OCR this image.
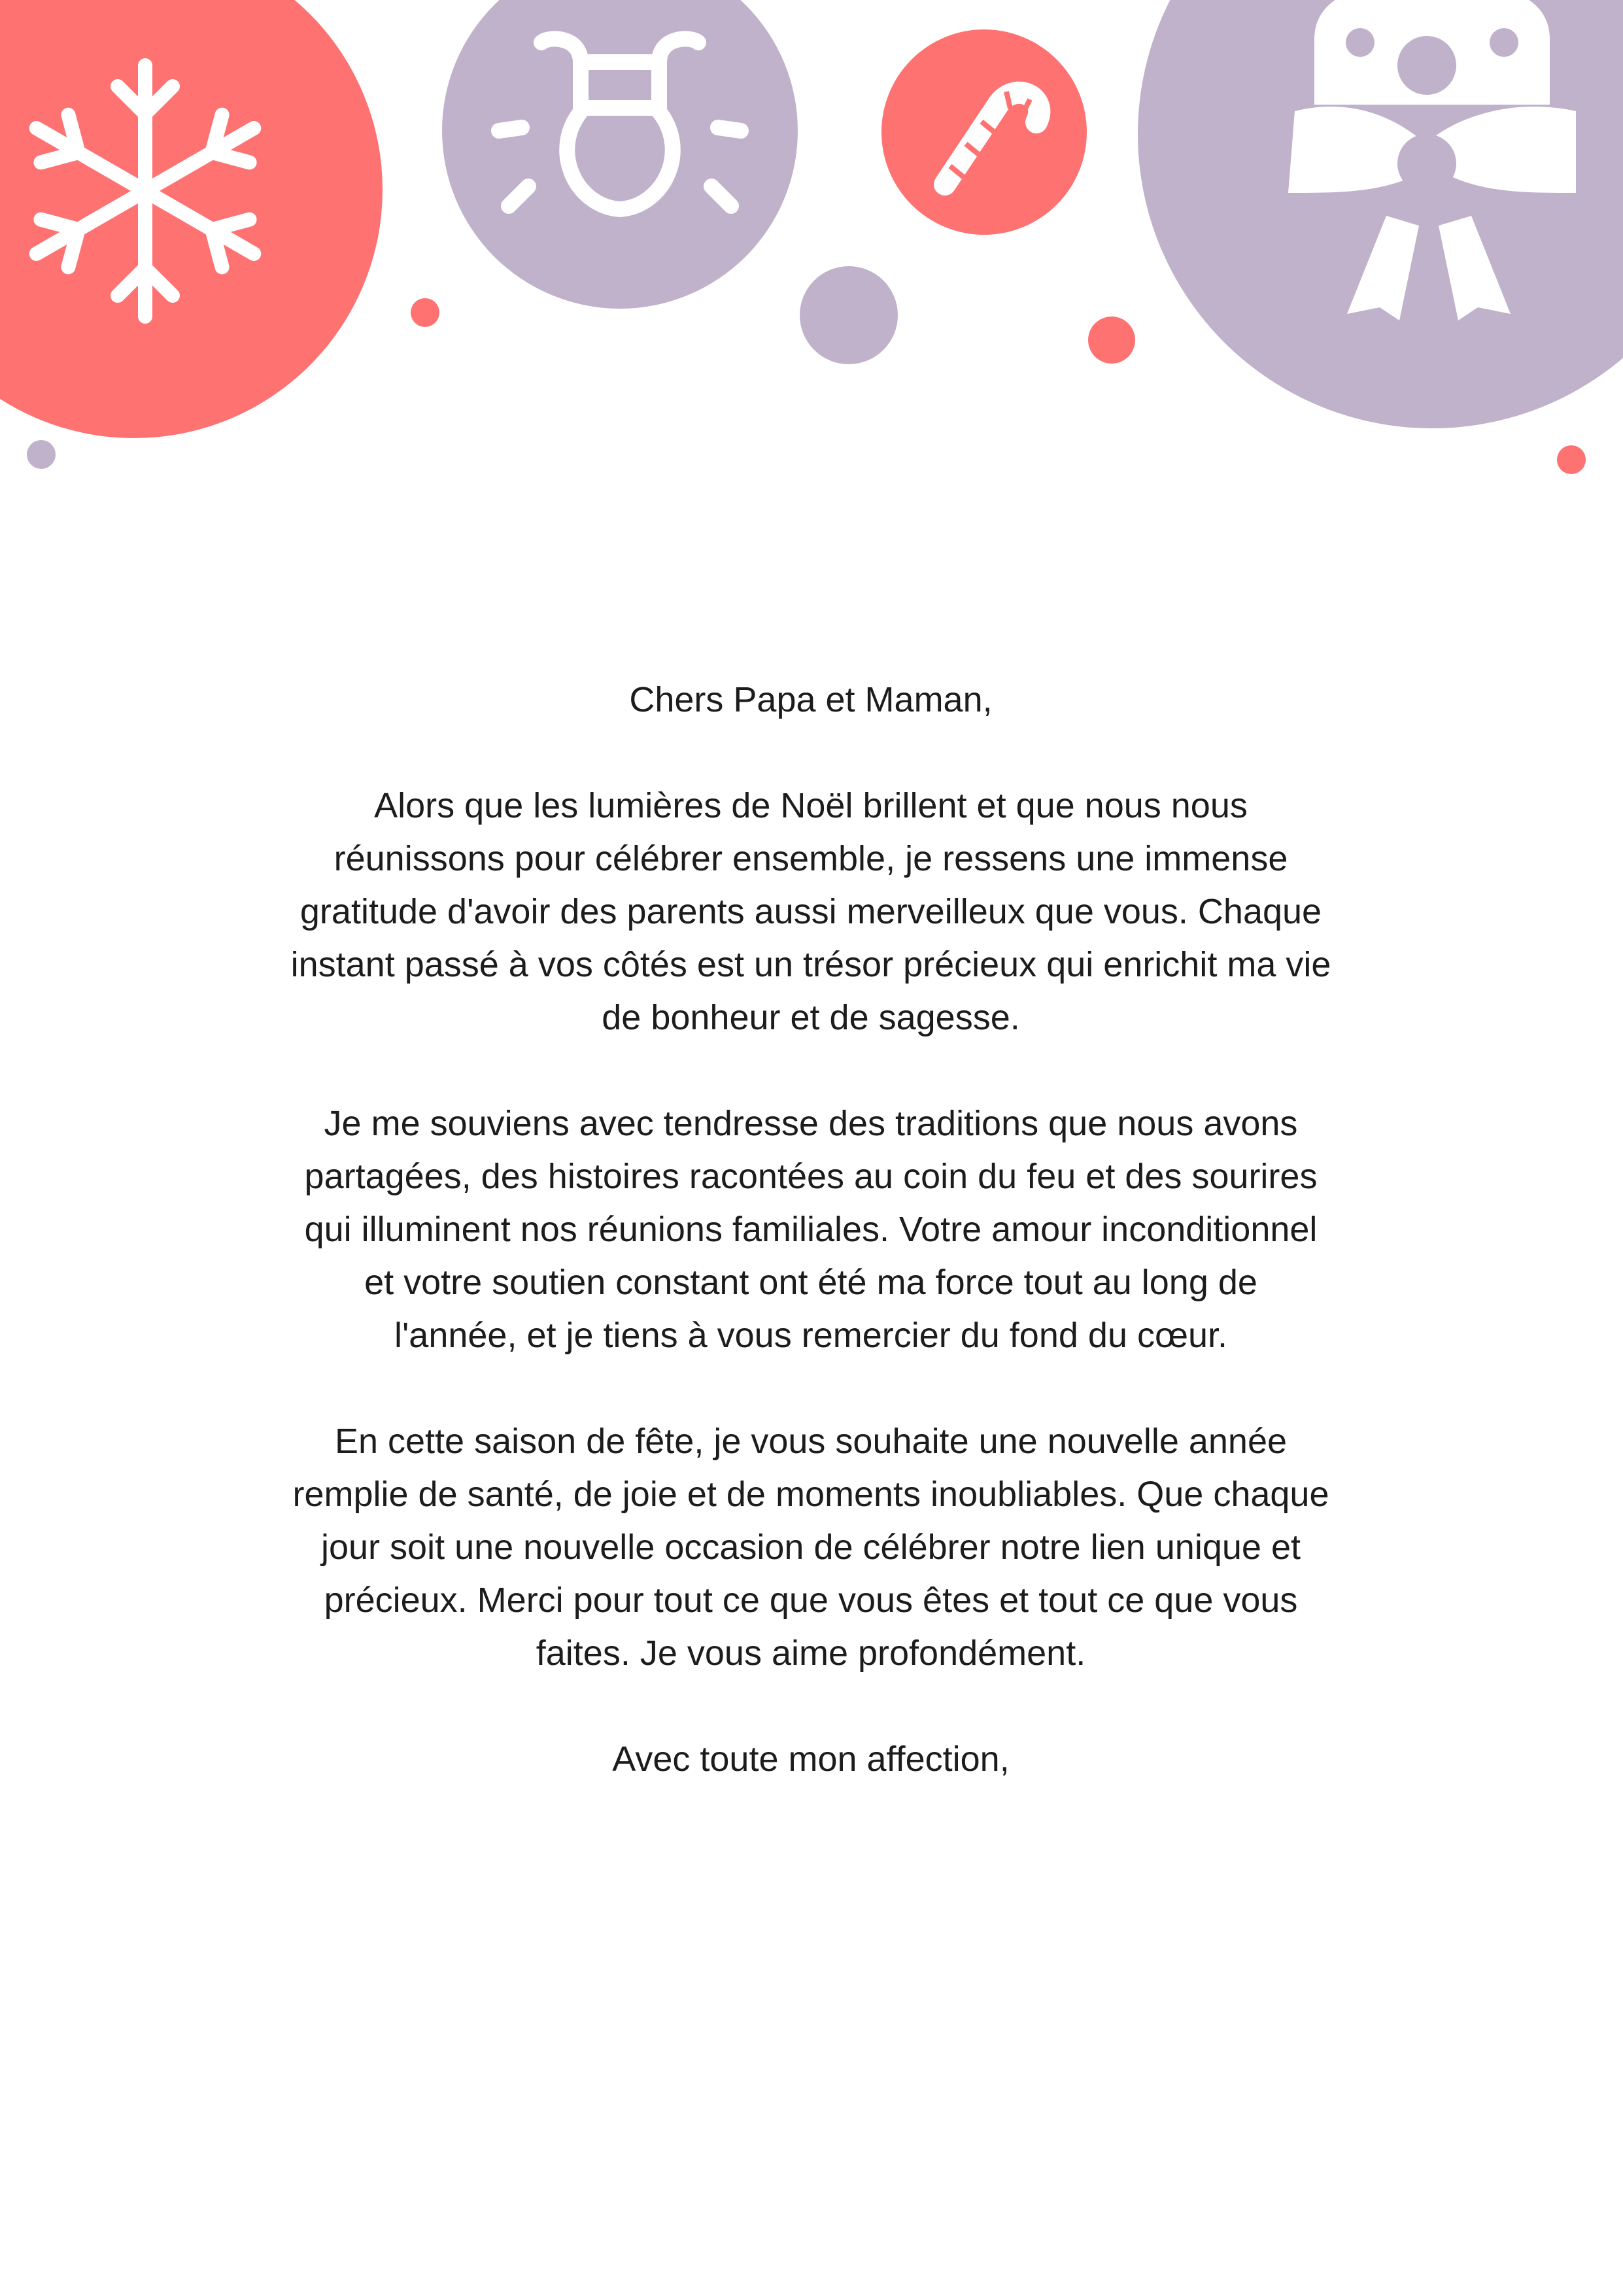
Chers Papa et Maman,

Alors que les lumières de Noël brillent et que nous nous
réunissons pour célébrer ensemble, je ressens une immense
gratitude d'avoir des parents aussi merveilleux que vous. Chaque
instant passé à vos côtés est un trésor précieux qui enrichit ma vie
de bonheur et de sagesse.

Je me souviens avec tendresse des traditions que nous avons
partagées, des histoires racontées au coin du feu et des sourires
qui illuminent nos réunions familiales. Votre amour inconditionnel
et votre soutien constant ont été ma force tout au long de
l'année, et je tiens à vous remercier du fond du cœur.

En cette saison de fête, je vous souhaite une nouvelle année
remplie de santé, de joie et de moments inoubliables. Que chaque
jour soit une nouvelle occasion de célébrer notre lien unique et
précieux. Merci pour tout ce que vous êtes et tout ce que vous
faites. Je vous aime profondément.

Avec toute mon affection,
